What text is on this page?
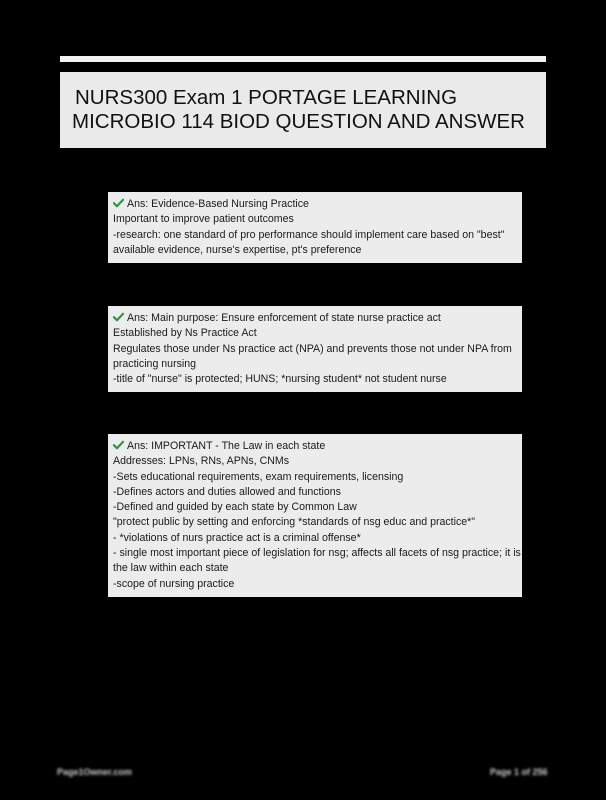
NURS300 Exam 1 PORTAGE LEARNING
MICROBIO 114 BIOD QUESTION AND ANSWER
Ans: Evidence-Based Nursing Practice
Important to improve patient outcomes
-research: one standard of pro performance should implement care based on "best"
available evidence, nurse's expertise, pt's preference
Ans: Main purpose: Ensure enforcement of state nurse practice act
Established by Ns Practice Act
Regulates those under Ns practice act (NPA) and prevents those not under NPA from
practicing nursing
-title of "nurse" is protected; HUNS; *nursing student* not student nurse
Ans: IMPORTANT - The Law in each state
Addresses: LPNs, RNs, APNs, CNMs
-Sets educational requirements, exam requirements, licensing
-Defines actors and duties allowed and functions
-Defined and guided by each state by Common Law
"protect public by setting and enforcing *standards of nsg educ and practice*"
- *violations of nurs practice act is a criminal offense*
- single most important piece of legislation for nsg; affects all facets of nsg practice; it is
the law within each state
-scope of nursing practice
Page1Owner.com	Page 1 of 256
